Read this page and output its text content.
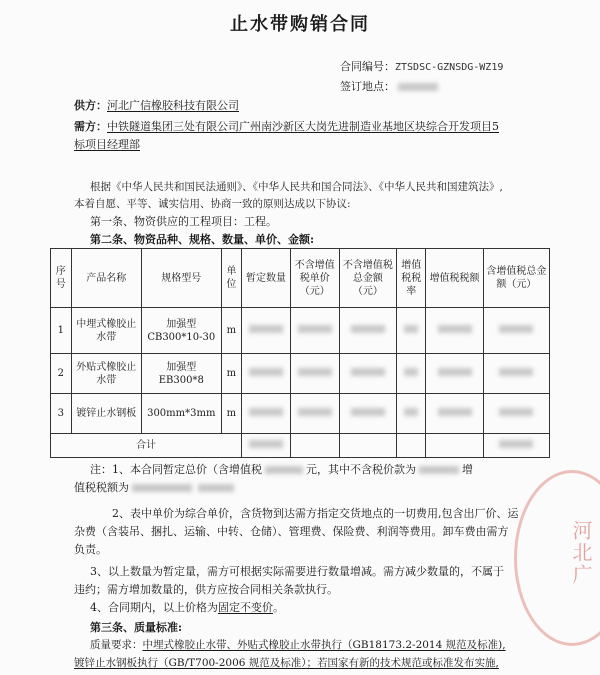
止水带购销合同
合同编号：ZTSDSC-GZNSDG-WZ19
签订地点：
供方：河北广信橡胶科技有限公司
需方：中铁隧道集团三处有限公司广州南沙新区大岗先进制造业基地区块综合开发项目5
标项目经理部
根据《中华人民共和国民法通则》、《中华人民共和国合同法》、《中华人民共和国建筑法》,
本着自愿、平等、诚实信用、协商一致的原则达成以下协议:
第一条、物资供应的工程项目：工程。
第二条、物资品种、规格、数量、单价、金额:
序号	产品名称	规格型号	单位	暂定数量	不含增值税单价（元）	不含增值税总金额（元）	增值税税率	增值税税额	含增值税总金额（元）
1	中埋式橡胶止水带	加强型 CB300*10-30	m						
2	外贴式橡胶止水带	加强型 EB300*8	m						
3	镀锌止水钢板	300mm*3mm	m						
合计									
注：1、本合同暂定总价（含增值税	元，其中不含税价款为	增
值税税额为
2、表中单价为综合单价，含货物到达需方指定交货地点的一切费用,包含出厂价、运
杂费（含装吊、捆扎、运输、中转、仓储）、管理费、保险费、利润等费用。卸车费由需方
负责。
3、以上数量为暂定量，需方可根据实际需要进行数量增减。需方减少数量的，不属于
违约；需方增加数量的，供方应按合同相关条款执行。
4、合同期内，以上价格为固定不变价。
第三条、质量标准:
质量要求：中埋式橡胶止水带、外贴式橡胶止水带执行（GB18173.2-2014 规范及标准),
镀锌止水钢板执行（GB/T700-2006 规范及标准）；若国家有新的技术规范或标准发布实施,
河北广
